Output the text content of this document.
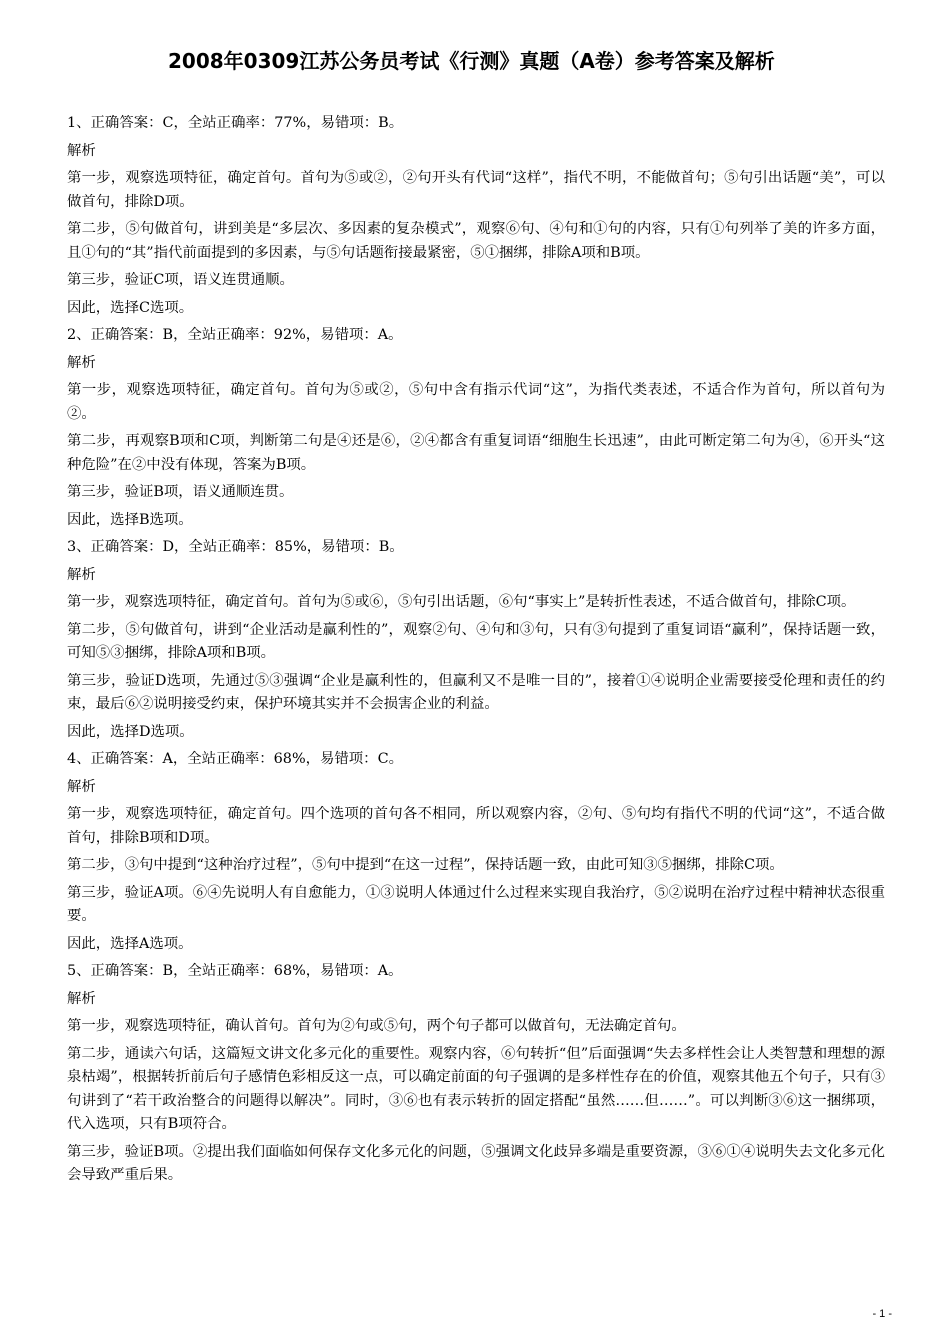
2008年0309江苏公务员考试《行测》真题（A卷）参考答案及解析

1、正确答案：C，全站正确率：77%，易错项：B。

解析

第一步，观察选项特征，确定首句。首句为⑤或②，②句开头有代词“这样”，指代不明，不能做首句；⑤句引出话题“美”，可以做首句，排除D项。

第二步，⑤句做首句，讲到美是“多层次、多因素的复杂模式”，观察⑥句、④句和①句的内容，只有①句列举了美的许多方面，且①句的“其”指代前面提到的多因素，与⑤句话题衔接最紧密，⑤①捆绑，排除A项和B项。

第三步，验证C项，语义连贯通顺。

因此，选择C选项。

2、正确答案：B，全站正确率：92%，易错项：A。

解析

第一步，观察选项特征，确定首句。首句为⑤或②，⑤句中含有指示代词“这”，为指代类表述，不适合作为首句，所以首句为②。

第二步，再观察B项和C项，判断第二句是④还是⑥，②④都含有重复词语“细胞生长迅速”，由此可断定第二句为④，⑥开头“这种危险”在②中没有体现，答案为B项。

第三步，验证B项，语义通顺连贯。

因此，选择B选项。

3、正确答案：D，全站正确率：85%，易错项：B。

解析

第一步，观察选项特征，确定首句。首句为⑤或⑥，⑤句引出话题，⑥句“事实上”是转折性表述，不适合做首句，排除C项。

第二步，⑤句做首句，讲到“企业活动是赢利性的”，观察②句、④句和③句，只有③句提到了重复词语“赢利”，保持话题一致，可知⑤③捆绑，排除A项和B项。

第三步，验证D选项，先通过⑤③强调“企业是赢利性的，但赢利又不是唯一目的”，接着①④说明企业需要接受伦理和责任的约束，最后⑥②说明接受约束，保护环境其实并不会损害企业的利益。

因此，选择D选项。

4、正确答案：A，全站正确率：68%，易错项：C。

解析

第一步，观察选项特征，确定首句。四个选项的首句各不相同，所以观察内容，②句、⑤句均有指代不明的代词“这”，不适合做首句，排除B项和D项。

第二步，③句中提到“这种治疗过程”，⑤句中提到“在这一过程”，保持话题一致，由此可知③⑤捆绑，排除C项。

第三步，验证A项。⑥④先说明人有自愈能力，①③说明人体通过什么过程来实现自我治疗，⑤②说明在治疗过程中精神状态很重要。

因此，选择A选项。

5、正确答案：B，全站正确率：68%，易错项：A。

解析

第一步，观察选项特征，确认首句。首句为②句或⑤句，两个句子都可以做首句，无法确定首句。

第二步，通读六句话，这篇短文讲文化多元化的重要性。观察内容，⑥句转折“但”后面强调“失去多样性会让人类智慧和理想的源泉枯竭”，根据转折前后句子感情色彩相反这一点，可以确定前面的句子强调的是多样性存在的价值，观察其他五个句子，只有③句讲到了“若干政治整合的问题得以解决”。同时，③⑥也有表示转折的固定搭配“虽然……但……”。可以判断③⑥这一捆绑项，代入选项，只有B项符合。

第三步，验证B项。②提出我们面临如何保存文化多元化的问题，⑤强调文化歧异多端是重要资源，③⑥①④说明失去文化多元化会导致严重后果。

- 1 -
